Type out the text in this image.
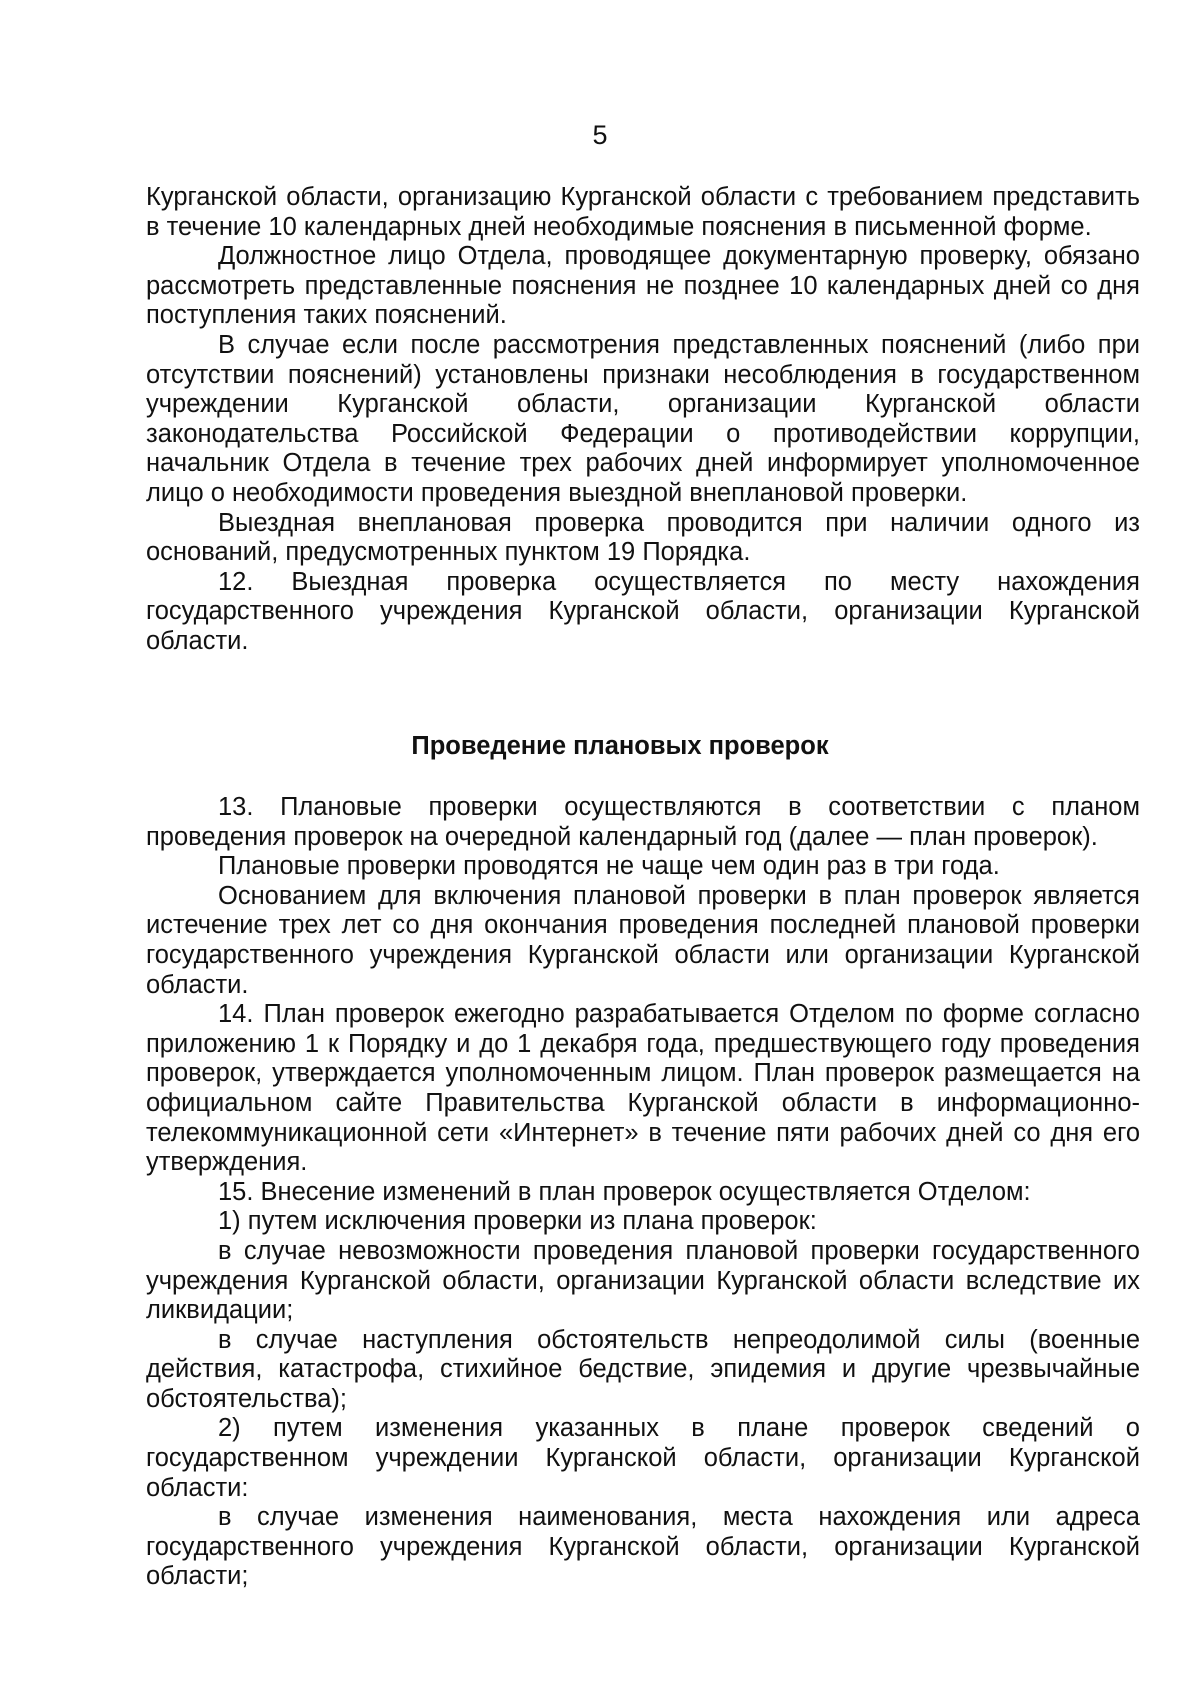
5

Курганской области, организацию Курганской области с требованием представить в течение 10 календарных дней необходимые пояснения в письменной форме.

Должностное лицо Отдела, проводящее документарную проверку, обязано рассмотреть представленные пояснения не позднее 10 календарных дней со дня поступления таких пояснений.

В случае если после рассмотрения представленных пояснений (либо при отсутствии пояснений) установлены признаки несоблюдения в государственном учреждении Курганской области, организации Курганской области законодательства Российской Федерации о противодействии коррупции, начальник Отдела в течение трех рабочих дней информирует уполномоченное лицо о необходимости проведения выездной внеплановой проверки.

Выездная внеплановая проверка проводится при наличии одного из оснований, предусмотренных пунктом 19 Порядка.

12. Выездная проверка осуществляется по месту нахождения государственного учреждения Курганской области, организации Курганской области.

Проведение плановых проверок

13. Плановые проверки осуществляются в соответствии с планом проведения проверок на очередной календарный год (далее — план проверок).

Плановые проверки проводятся не чаще чем один раз в три года.

Основанием для включения плановой проверки в план проверок является истечение трех лет со дня окончания проведения последней плановой проверки государственного учреждения Курганской области или организации Курганской области.

14. План проверок ежегодно разрабатывается Отделом по форме согласно приложению 1 к Порядку и до 1 декабря года, предшествующего году проведения проверок, утверждается уполномоченным лицом. План проверок размещается на официальном сайте Правительства Курганской области в информационно-телекоммуникационной сети «Интернет» в течение пяти рабочих дней со дня его утверждения.

15. Внесение изменений в план проверок осуществляется Отделом:

1) путем исключения проверки из плана проверок:

в случае невозможности проведения плановой проверки государственного учреждения Курганской области, организации Курганской области вследствие их ликвидации;

в случае наступления обстоятельств непреодолимой силы (военные действия, катастрофа, стихийное бедствие, эпидемия и другие чрезвычайные обстоятельства);

2) путем изменения указанных в плане проверок сведений о государственном учреждении Курганской области, организации Курганской области:

в случае изменения наименования, места нахождения или адреса государственного учреждения Курганской области, организации Курганской области;
